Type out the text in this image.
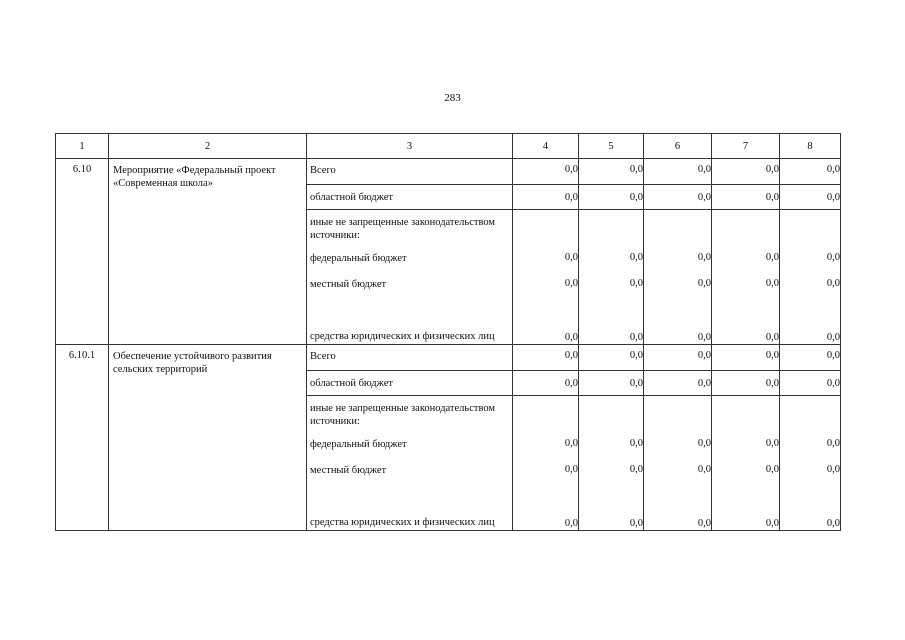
283
1	2	3	4	5	6	7	8
6.10	Мероприятие «Федеральный проект «Современная школа»	Всего	0,0	0,0	0,0	0,0	0,0
		областной бюджет	0,0	0,0	0,0	0,0	0,0
		иные не запрещенные законодательством источники:					
		федеральный бюджет	0,0	0,0	0,0	0,0	0,0
		местный бюджет	0,0	0,0	0,0	0,0	0,0
		средства юридических и физических лиц	0,0	0,0	0,0	0,0	0,0
6.10.1	Обеспечение устойчивого развития сельских территорий	Всего	0,0	0,0	0,0	0,0	0,0
		областной бюджет	0,0	0,0	0,0	0,0	0,0
		иные не запрещенные законодательством источники:					
		федеральный бюджет	0,0	0,0	0,0	0,0	0,0
		местный бюджет	0,0	0,0	0,0	0,0	0,0
		средства юридических и физических лиц	0,0	0,0	0,0	0,0	0,0
